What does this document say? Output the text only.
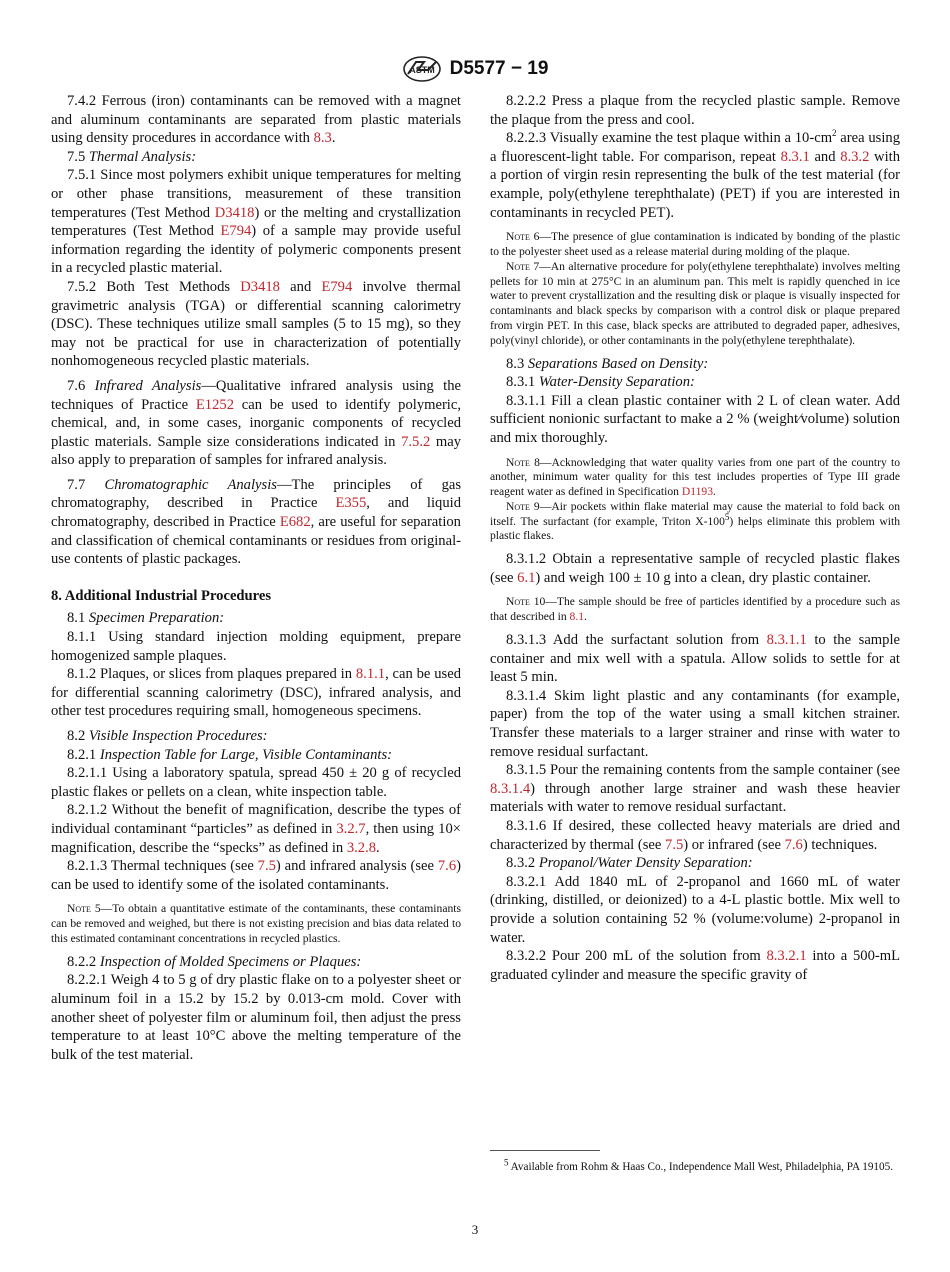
ASTM D5577 − 19

7.4.2 Ferrous (iron) contaminants can be removed with a magnet and aluminum contaminants are separated from plastic materials using density procedures in accordance with 8.3.

7.5 Thermal Analysis:

7.5.1 Since most polymers exhibit unique temperatures for melting or other phase transitions, measurement of these transition temperatures (Test Method D3418) or the melting and crystallization temperatures (Test Method E794) of a sample may provide useful information regarding the identity of polymeric components present in a recycled plastic material.

7.5.2 Both Test Methods D3418 and E794 involve thermal gravimetric analysis (TGA) or differential scanning calorimetry (DSC). These techniques utilize small samples (5 to 15 mg), so they may not be practical for use in characterization of potentially nonhomogeneous recycled plastic materials.

7.6 Infrared Analysis—Qualitative infrared analysis using the techniques of Practice E1252 can be used to identify polymeric, chemical, and, in some cases, inorganic components of recycled plastic materials. Sample size considerations indicated in 7.5.2 may also apply to preparation of samples for infrared analysis.

7.7 Chromatographic Analysis—The principles of gas chromatography, described in Practice E355, and liquid chromatography, described in Practice E682, are useful for separation and classification of chemical contaminants or residues from original-use contents of plastic packages.

8. Additional Industrial Procedures

8.1 Specimen Preparation:

8.1.1 Using standard injection molding equipment, prepare homogenized sample plaques.

8.1.2 Plaques, or slices from plaques prepared in 8.1.1, can be used for differential scanning calorimetry (DSC), infrared analysis, and other test procedures requiring small, homogeneous specimens.

8.2 Visible Inspection Procedures:

8.2.1 Inspection Table for Large, Visible Contaminants:

8.2.1.1 Using a laboratory spatula, spread 450 ± 20 g of recycled plastic flakes or pellets on a clean, white inspection table.

8.2.1.2 Without the benefit of magnification, describe the types of individual contaminant “particles” as defined in 3.2.7, then using 10× magnification, describe the “specks” as defined in 3.2.8.

8.2.1.3 Thermal techniques (see 7.5) and infrared analysis (see 7.6) can be used to identify some of the isolated contaminants.

Note 5—To obtain a quantitative estimate of the contaminants, these contaminants can be removed and weighed, but there is not existing precision and bias data related to this estimated contaminant concentrations in recycled plastics.

8.2.2 Inspection of Molded Specimens or Plaques:

8.2.2.1 Weigh 4 to 5 g of dry plastic flake on to a polyester sheet or aluminum foil in a 15.2 by 15.2 by 0.013-cm mold. Cover with another sheet of polyester film or aluminum foil, then adjust the press temperature to at least 10°C above the melting temperature of the bulk of the test material.

8.2.2.2 Press a plaque from the recycled plastic sample. Remove the plaque from the press and cool.

8.2.2.3 Visually examine the test plaque within a $10-cm^2$ area using a fluorescent-light table. For comparison, repeat 8.3.1 and 8.3.2 with a portion of virgin resin representing the bulk of the test material (for example, poly(ethylene terephthalate) (PET) if you are interested in contaminants in recycled PET).

Note 6—The presence of glue contamination is indicated by bonding of the plastic to the polyester sheet used as a release material during molding of the plaque.

Note 7—An alternative procedure for poly(ethylene terephthalate) involves melting pellets for 10 min at 275°C in an aluminum pan. This melt is rapidly quenched in ice water to prevent crystallization and the resulting disk or plaque is visually inspected for contaminants and black specks by comparison with a control disk or plaque prepared from virgin PET. In this case, black specks are attributed to degraded paper, adhesives, poly(vinyl chloride), or other contaminants in the poly(ethylene terephthalate).

8.3 Separations Based on Density:

8.3.1 Water-Density Separation:

8.3.1.1 Fill a clean plastic container with 2 L of clean water. Add sufficient nonionic surfactant to make a 2 % (weight⁄volume) solution and mix thoroughly.

Note 8—Acknowledging that water quality varies from one part of the country to another, minimum water quality for this test includes properties of Type III grade reagent water as defined in Specification D1193.

Note 9—Air pockets within flake material may cause the material to fold back on itself. The surfactant (for example, Triton $X-100^5$) helps eliminate this problem with plastic flakes.

8.3.1.2 Obtain a representative sample of recycled plastic flakes (see 6.1) and weigh 100 ± 10 g into a clean, dry plastic container.

Note 10—The sample should be free of particles identified by a procedure such as that described in 8.1.

8.3.1.3 Add the surfactant solution from 8.3.1.1 to the sample container and mix well with a spatula. Allow solids to settle for at least 5 min.

8.3.1.4 Skim light plastic and any contaminants (for example, paper) from the top of the water using a small kitchen strainer. Transfer these materials to a larger strainer and rinse with water to remove residual surfactant.

8.3.1.5 Pour the remaining contents from the sample container (see 8.3.1.4) through another large strainer and wash these heavier materials with water to remove residual surfactant.

8.3.1.6 If desired, these collected heavy materials are dried and characterized by thermal (see 7.5) or infrared (see 7.6) techniques.

8.3.2 Propanol/Water Density Separation:

8.3.2.1 Add 1840 mL of 2-propanol and 1660 mL of water (drinking, distilled, or deionized) to a 4-L plastic bottle. Mix well to provide a solution containing 52 % (volume:volume) 2-propanol in water.

8.3.2.2 Pour 200 mL of the solution from 8.3.2.1 into a 500-mL graduated cylinder and measure the specific gravity of

$^5$ Available from Rohm & Haas Co., Independence Mall West, Philadelphia, PA 19105.
3
